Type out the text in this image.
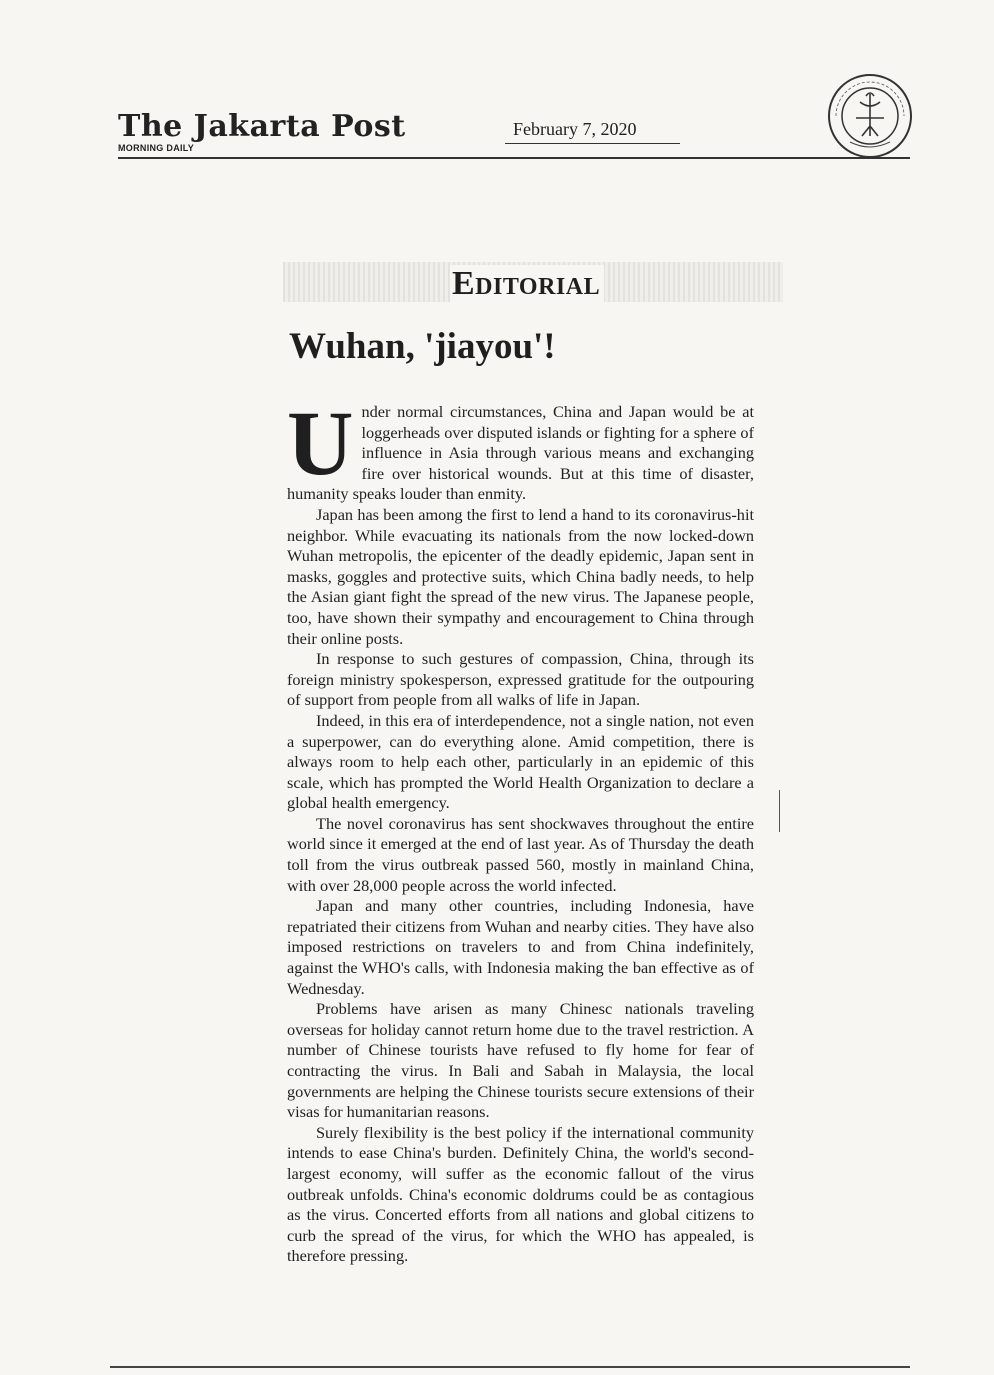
The Jakarta Post
MORNING DAILY
February 7, 2020
Editorial
Wuhan, 'jiayou'!

Under normal circumstances, China and Japan would be at loggerheads over disputed islands or fighting for a sphere of influence in Asia through various means and exchanging fire over historical wounds. But at this time of disaster, humanity speaks louder than enmity.

Japan has been among the first to lend a hand to its coronavirus-hit neighbor. While evacuating its nationals from the now locked-down Wuhan metropolis, the epicenter of the deadly epidemic, Japan sent in masks, goggles and protective suits, which China badly needs, to help the Asian giant fight the spread of the new virus. The Japanese people, too, have shown their sympathy and encouragement to China through their online posts.

In response to such gestures of compassion, China, through its foreign ministry spokesperson, expressed gratitude for the outpouring of support from people from all walks of life in Japan.

Indeed, in this era of interdependence, not a single nation, not even a superpower, can do everything alone. Amid competition, there is always room to help each other, particularly in an epidemic of this scale, which has prompted the World Health Organization to declare a global health emergency.

The novel coronavirus has sent shockwaves throughout the entire world since it emerged at the end of last year. As of Thursday the death toll from the virus outbreak passed 560, mostly in mainland China, with over 28,000 people across the world infected.

Japan and many other countries, including Indonesia, have repatriated their citizens from Wuhan and nearby cities. They have also imposed restrictions on travelers to and from China indefinitely, against the WHO's calls, with Indonesia making the ban effective as of Wednesday.

Problems have arisen as many Chinesc nationals traveling overseas for holiday cannot return home due to the travel restriction. A number of Chinese tourists have refused to fly home for fear of contracting the virus. In Bali and Sabah in Malaysia, the local governments are helping the Chinese tourists secure extensions of their visas for humanitarian reasons.

Surely flexibility is the best policy if the international community intends to ease China's burden. Definitely China, the world's second-largest economy, will suffer as the economic fallout of the virus outbreak unfolds. China's economic doldrums could be as contagious as the virus. Concerted efforts from all nations and global citizens to curb the spread of the virus, for which the WHO has appealed, is therefore pressing.
